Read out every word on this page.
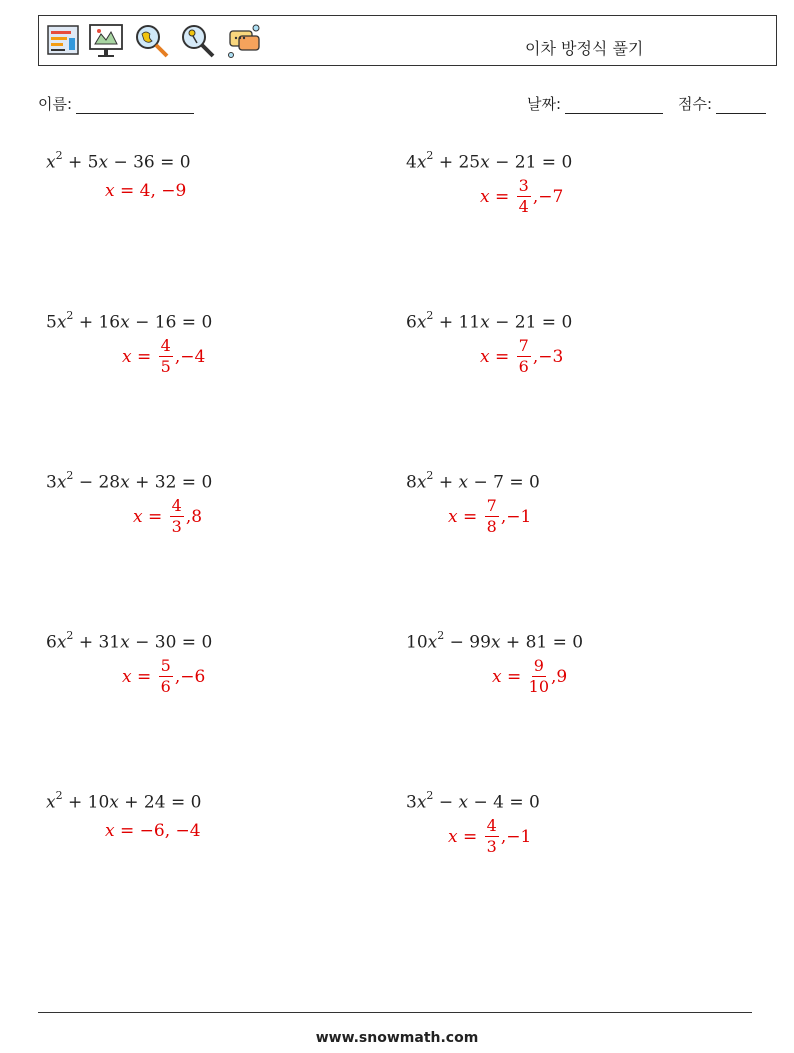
이차 방정식 풀기
이름:	날짜:	점수:
$x^2 + 5x - 36 = 0$
x = 4, −9
$4x^2 + 25x - 21 = 0$
$x = \frac{3}{4} ,-7$
$5x^2 + 16x - 16 = 0$
$x = \frac{4}{5} ,-4$
$6x^2 + 11x - 21 = 0$
$x = \frac{7}{6} ,-3$
$3x^2 - 28x + 32 = 0$
$x = \frac{4}{3} ,8$
$8x^2 + x - 7 = 0$
$x = \frac{7}{8} ,-1$
$6x^2 + 31x - 30 = 0$
$x = \frac{5}{6} ,-6$
$10x^2 - 99x + 81 = 0$
$x = \frac{9}{10} ,9$
$x^2 + 10x + 24 = 0$
x = −6, −4
$3x^2 - x - 4 = 0$
$x = \frac{4}{3} ,-1$
www.snowmath.com
